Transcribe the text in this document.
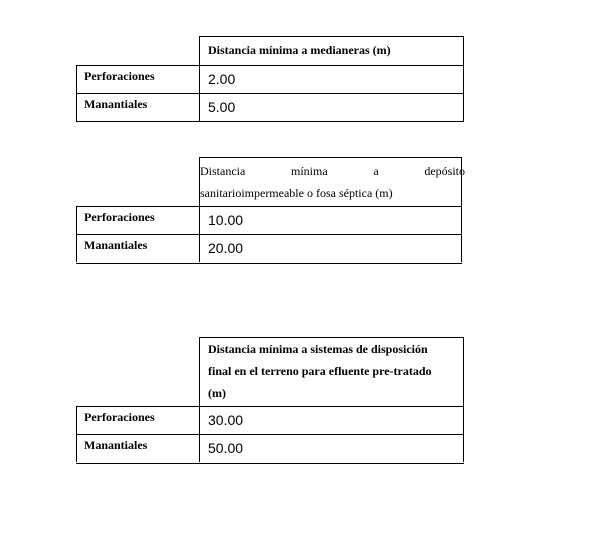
Distancia mínima a medianeras (m)
Perforaciones	2.00
Manantiales	5.00
Distancia mínima a depósito
sanitarioimpermeable o fosa séptica (m)
Perforaciones	10.00
Manantiales	20.00
Distancia mínima a sistemas de disposición
final en el terreno para efluente pre-tratado
(m)
Perforaciones	30.00
Manantiales	50.00
